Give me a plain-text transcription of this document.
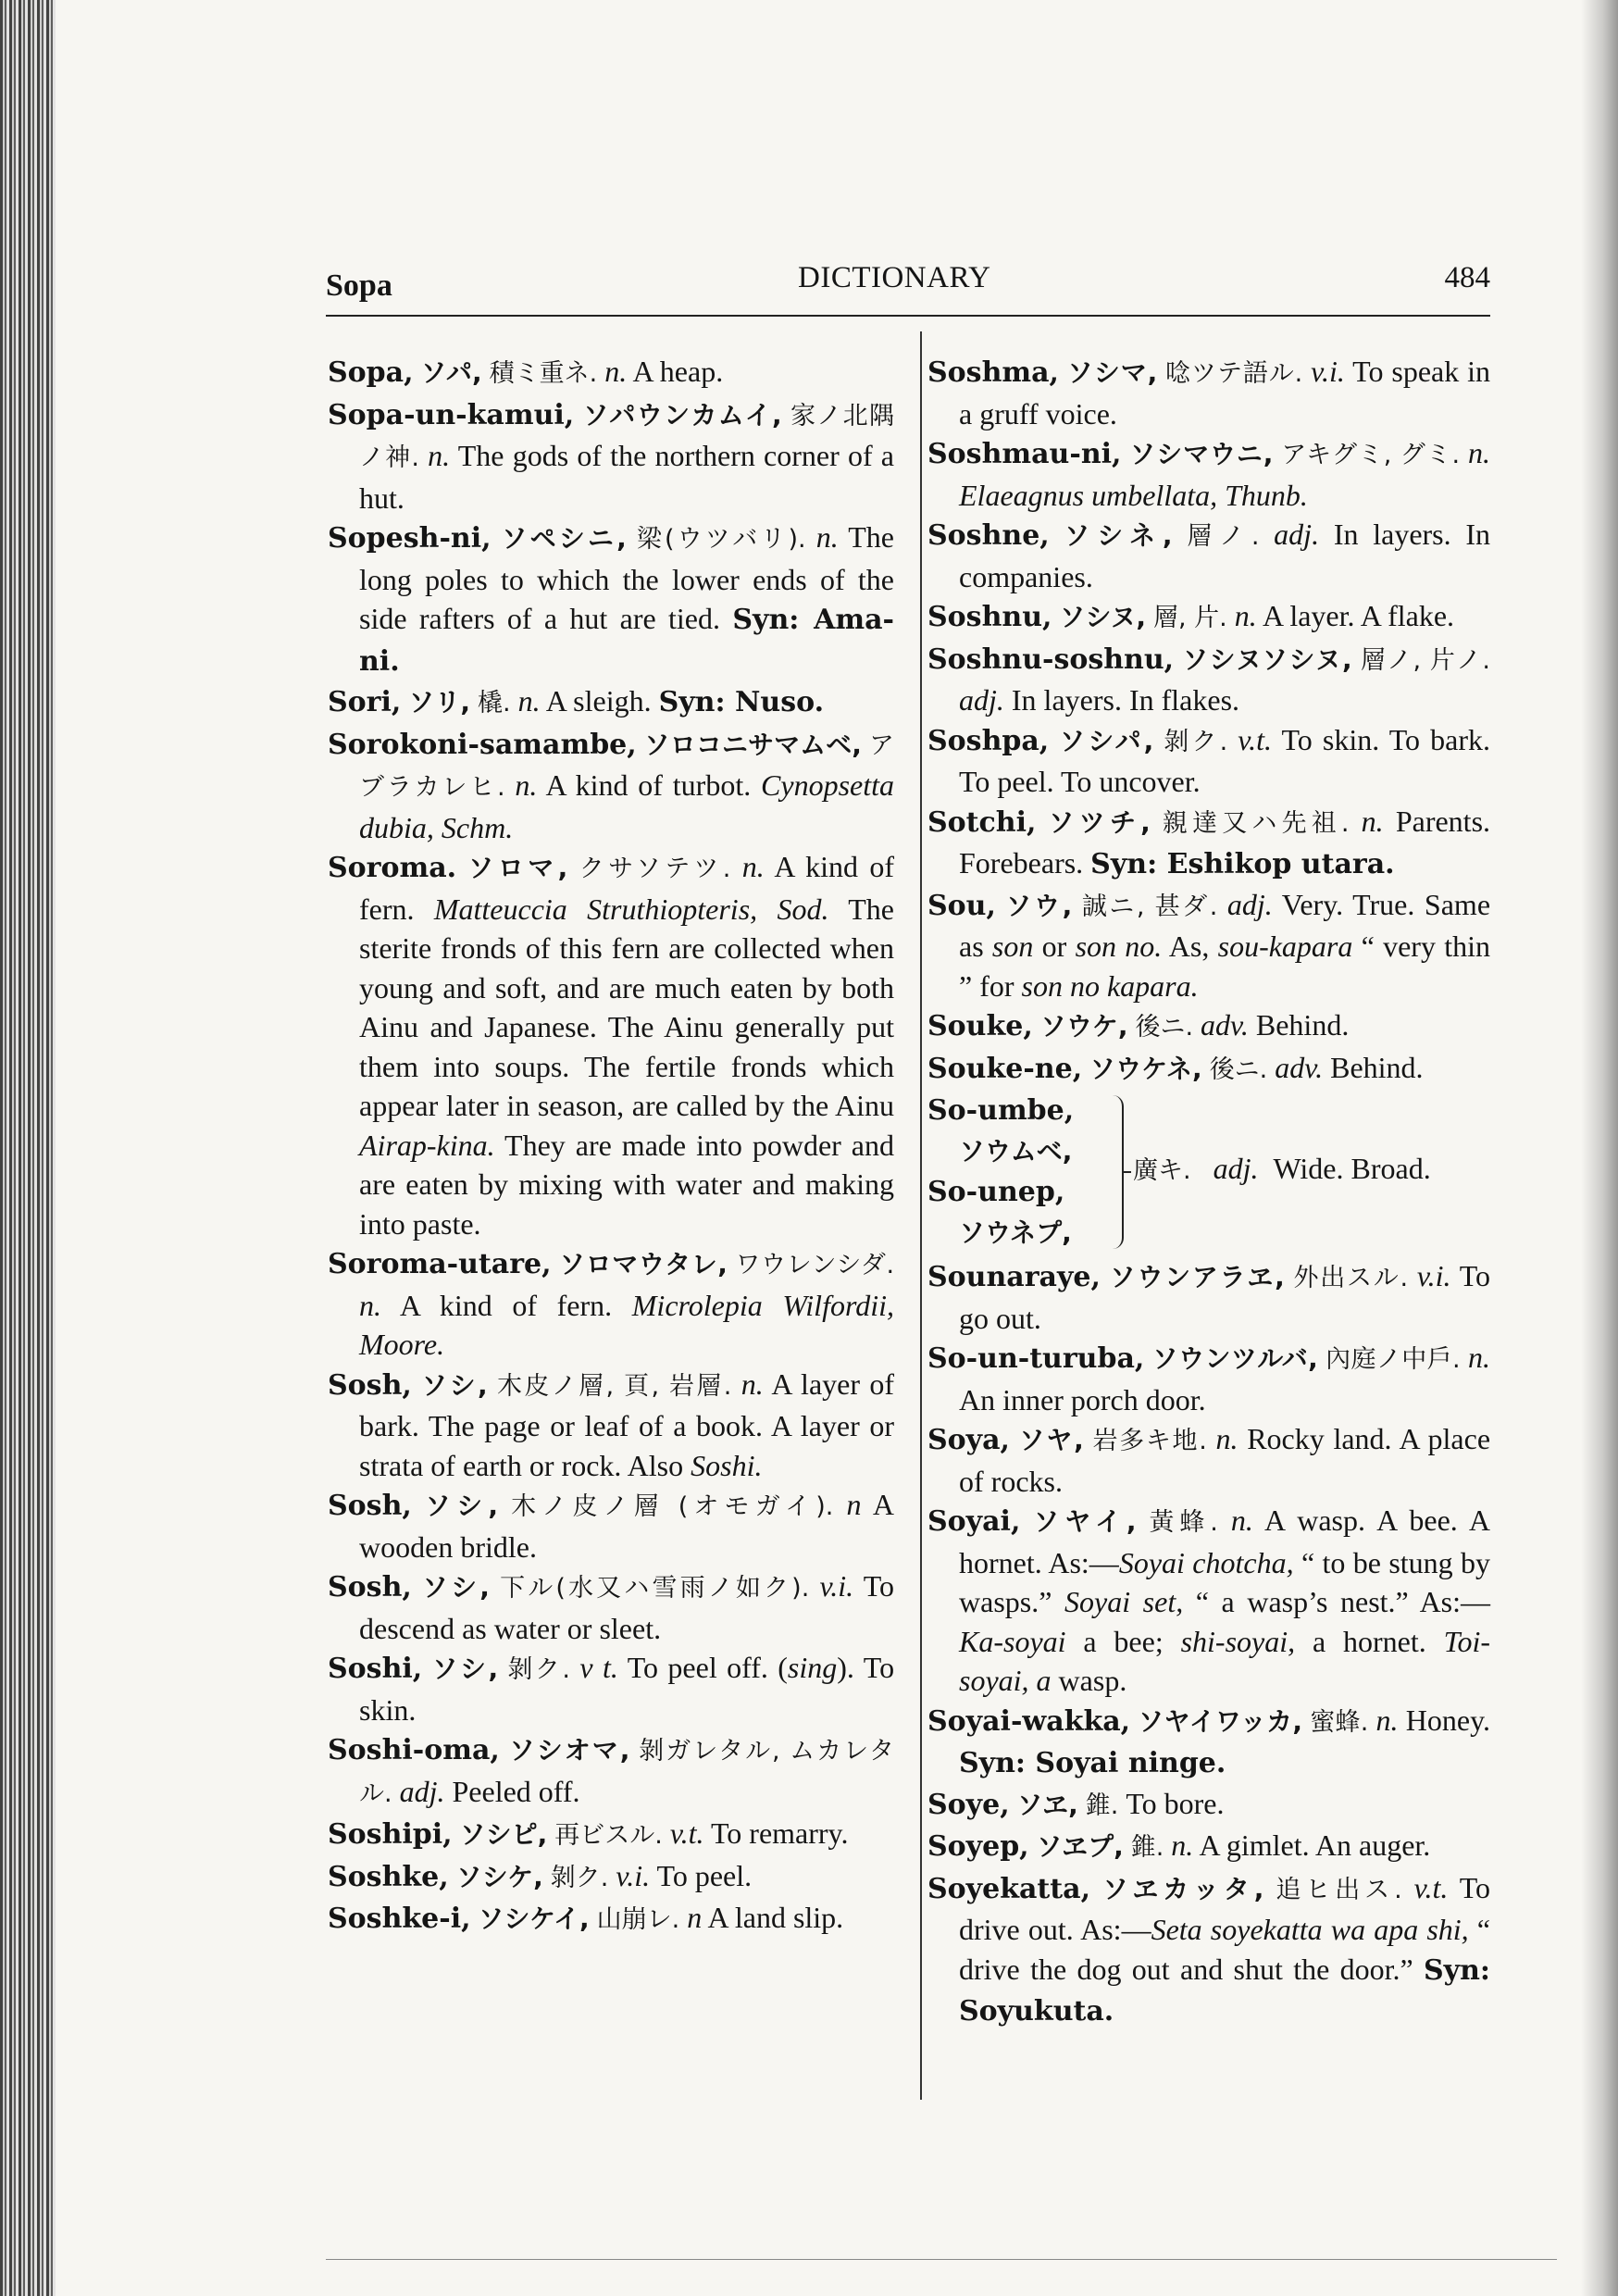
Sopa	DICTIONARY	484

Sopa, ソパ, 積ミ重ネ. n. A heap.

Sopa-un-kamui, ソパウンカムイ, 家ノ北隅ノ神. n. The gods of the northern corner of a hut.

Sopesh-ni, ソペシニ, 梁(ウツバリ). n. The long poles to which the lower ends of the side rafters of a hut are tied. Syn: Ama-ni.

Sori, ソリ, 橇. n. A sleigh. Syn: Nuso.

Sorokoni-samambe, ソロコニサマムベ, アブラカレヒ. n. A kind of turbot. Cynopsetta dubia, Schm.

Soroma. ソロマ, クサソテツ. n. A kind of fern. Matteuccia Struthiopteris, Sod. The sterite fronds of this fern are collected when young and soft, and are much eaten by both Ainu and Japanese. The Ainu generally put them into soups. The fertile fronds which appear later in season, are called by the Ainu Airap-kina. They are made into powder and are eaten by mixing with water and making into paste.

Soroma-utare, ソロマウタレ, ワウレンシダ. n. A kind of fern. Microlepia Wilfordii, Moore.

Sosh, ソシ, 木皮ノ層, 頁, 岩層. n. A layer of bark. The page or leaf of a book. A layer or strata of earth or rock. Also Soshi.

Sosh, ソシ, 木ノ皮ノ層 (オモガイ). n A wooden bridle.

Sosh, ソシ, 下ル(水又ハ雪雨ノ如ク). v.i. To descend as water or sleet.

Soshi, ソシ, 剝ク. v t. To peel off. (sing). To skin.

Soshi-oma, ソシオマ, 剝ガレタル, ムカレタル. adj. Peeled off.

Soshipi, ソシピ, 再ビスル. v.t. To remarry.

Soshke, ソシケ, 剝ク. v.i. To peel.

Soshke-i, ソシケイ, 山崩レ. n A land slip.

Soshma, ソシマ, 唸ツテ語ル. v.i. To speak in a gruff voice.

Soshmau-ni, ソシマウニ, アキグミ, グミ. n. Elaeagnus umbellata, Thunb.

Soshne, ソシネ, 層ノ. adj. In layers. In companies.

Soshnu, ソシヌ, 層, 片. n. A layer. A flake.

Soshnu-soshnu, ソシヌソシヌ, 層ノ, 片ノ. adj. In layers. In flakes.

Soshpa, ソシパ, 剝ク. v.t. To skin. To bark. To peel. To uncover.

Sotchi, ソツチ, 親達又ハ先祖. n. Parents. Forebears. Syn: Eshikop utara.

Sou, ソウ, 誠ニ, 甚ダ. adj. Very. True. Same as son or son no. As, sou-kapara “ very thin ” for son no kapara.

Souke, ソウケ, 後ニ. adv. Behind.

Souke-ne, ソウケネ, 後ニ. adv. Behind.

So-umbe,
ソウムベ,
So-unep,
ソウネプ,
廣キ. adj. Wide. Broad.

Sounaraye, ソウンアラヱ, 外出スル. v.i. To go out.

So-un-turuba, ソウンツルバ, 內庭ノ中戶. n. An inner porch door.

Soya, ソヤ, 岩多キ地. n. Rocky land. A place of rocks.

Soyai, ソヤイ, 黃蜂. n. A wasp. A bee. A hornet. As:—Soyai chotcha, “ to be stung by wasps.” Soyai set, “ a wasp’s nest.” As:—Ka-soyai a bee; shi-soyai, a hornet. Toi-soyai, a wasp.

Soyai-wakka, ソヤイワッカ, 蜜蜂. n. Honey. Syn: Soyai ninge.

Soye, ソヱ, 錐. To bore.

Soyep, ソヱプ, 錐. n. A gimlet. An auger.

Soyekatta, ソヱカッタ, 追ヒ出ス. v.t. To drive out. As:—Seta soyekatta wa apa shi, “ drive the dog out and shut the door.” Syn: Soyukuta.
